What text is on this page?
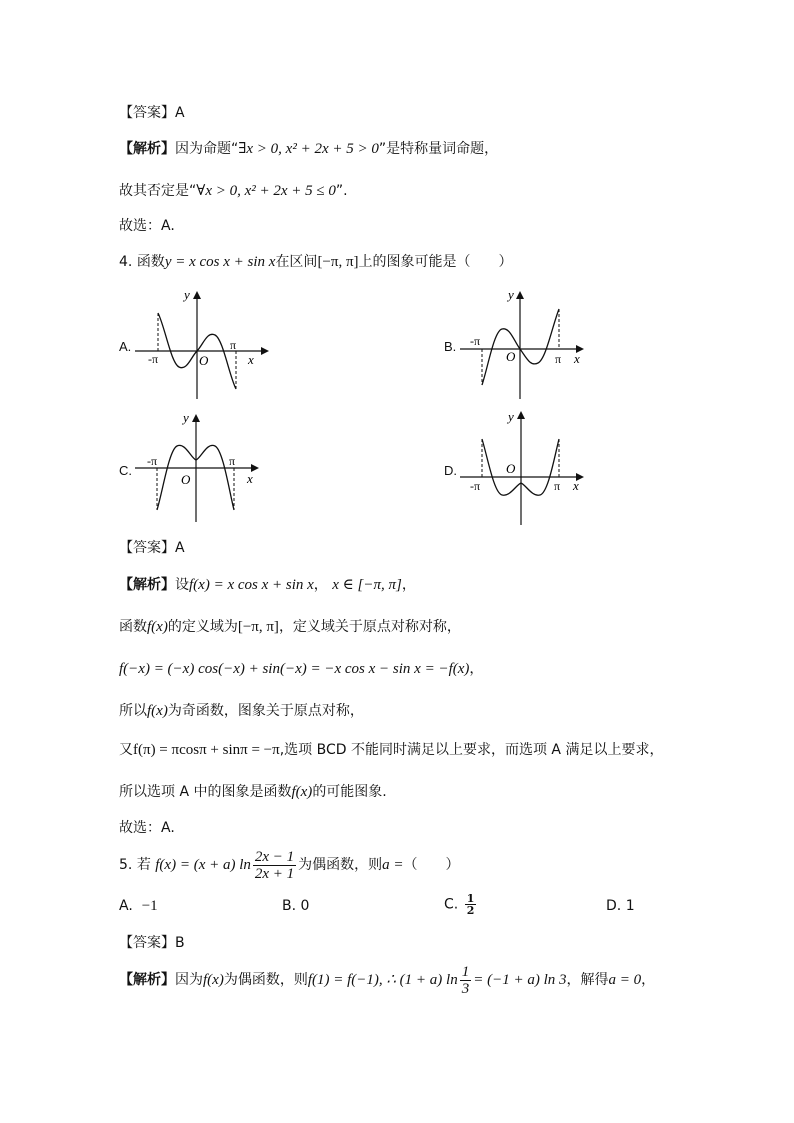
【答案】A
【解析】因为命题“∃x > 0, x² + 2x + 5 > 0”是特称量词命题，
故其否定是“∀x > 0, x² + 2x + 5 ≤ 0”.
故选：A.
4. 函数y = x cos x + sin x在区间[−π, π]上的图象可能是（　　）
A.
y
x
-π
π
O
B.
y
x
-π
π
O
C.
y
x
-π	π
O
D.
y
x
-π	π
O
【答案】A
【解析】设f(x) = x cos x + sin x， x ∈ [−π, π]，
函数f(x)的定义域为[−π, π]，定义域关于原点对称对称，
f(−x) = (−x) cos(−x) + sin(−x) = −x cos x − sin x = −f(x)，
所以f(x)为奇函数，图象关于原点对称，
又f(π) = πcosπ + sinπ = −π,选项 BCD 不能同时满足以上要求，而选项 A 满足以上要求，
所以选项 A 中的图象是函数f(x)的可能图象.
故选：A.
5. 若 f(x) = (x + a) $\ln \frac{2x - 1}{2x + 1}$ 为偶函数，则a =（　　）
A. −1	B. 0	C. $\frac{1}{2}$	D. 1
【答案】B
【解析】因为f(x)为偶函数，则f(1) = f(−1), ∴ (1 + a) $\ln \frac{1}{3} = (-1 + a)$ ln 3，解得a = 0，
